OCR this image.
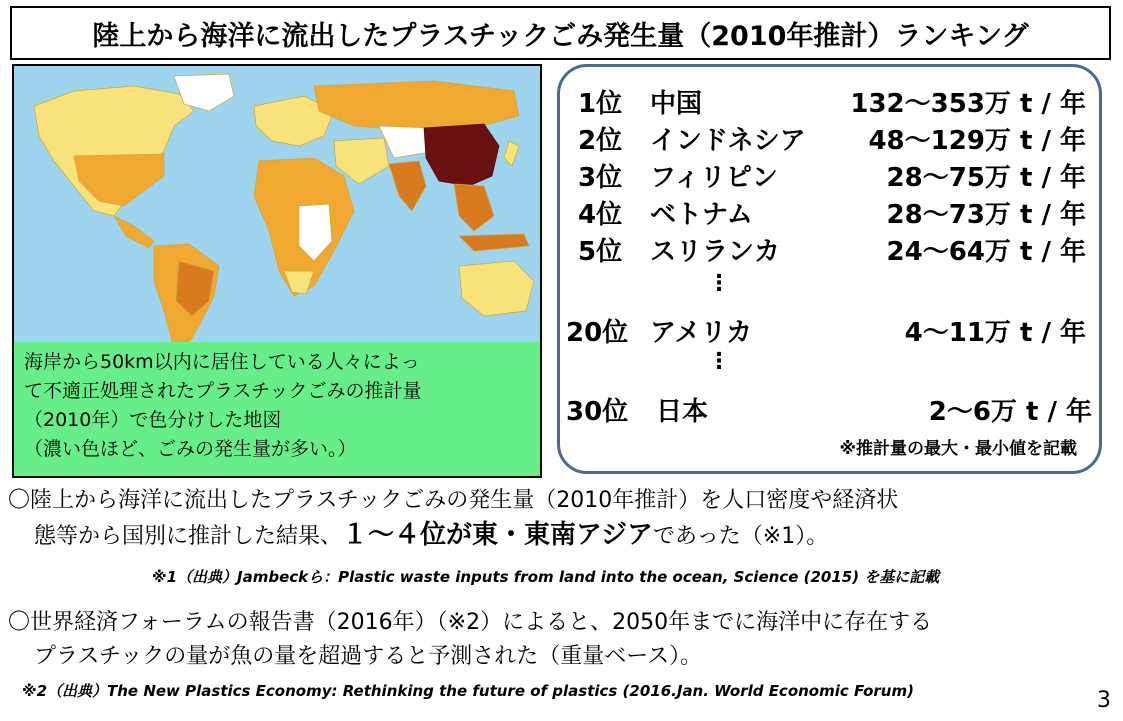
陸上から海洋に流出したプラスチックごみ発生量（2010年推計）ランキング
海岸から50km以内に居住している人々によっ
て不適正処理されたプラスチックごみの推計量
（2010年）で色分けした地図
（濃い色ほど、ごみの発生量が多い。）
1位 中国	132～353万 t / 年
2位 インドネシア 48～129万 t / 年
3位 フィリピン	28～75万 t / 年
4位 ベトナム	28～73万 t / 年
5位 スリランカ	24～64万 t / 年
⋮
20位 アメリカ	4～11万 t / 年
⋮
30位 日本	2～6万 t / 年
※推計量の最大・最小値を記載
〇陸上から海洋に流出したプラスチックごみの発生量（2010年推計）を人口密度や経済状
態等から国別に推計した結果、１～４位が東・東南アジアであった（※1）。
※1（出典）Jambeckら：Plastic waste inputs from land into the ocean, Science (2015) を基に記載
〇世界経済フォーラムの報告書（2016年）（※2）によると、2050年までに海洋中に存在する
プラスチックの量が魚の量を超過すると予測された（重量ベース）。
※2（出典）The New Plastics Economy: Rethinking the future of plastics (2016.Jan. World Economic Forum)	3
